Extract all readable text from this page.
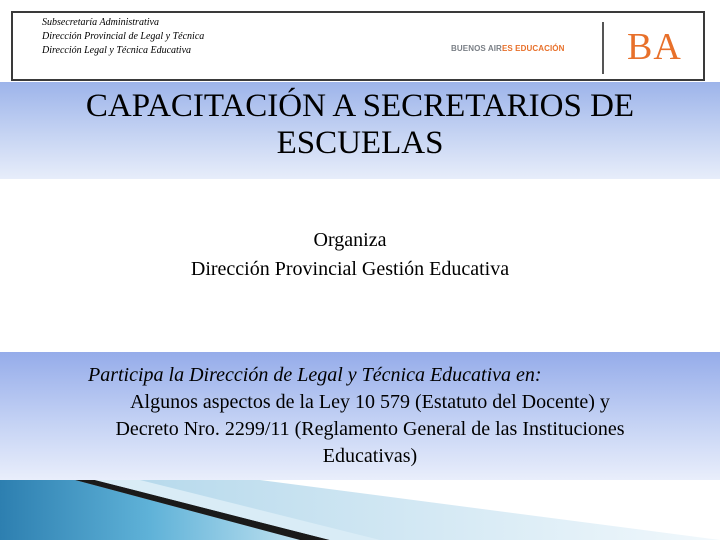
Subsecretaría Administrativa
Dirección Provincial de Legal y Técnica
Dirección Legal y Técnica Educativa	BUENOS AIRES EDUCACIÓN BA
CAPACITACIÓN A SECRETARIOS DE
ESCUELAS
Organiza
Dirección Provincial Gestión Educativa
Participa la Dirección de Legal y Técnica Educativa en:
Algunos aspectos de la Ley 10 579 (Estatuto del Docente) y
Decreto Nro. 2299/11 (Reglamento General de las Instituciones
Educativas)
